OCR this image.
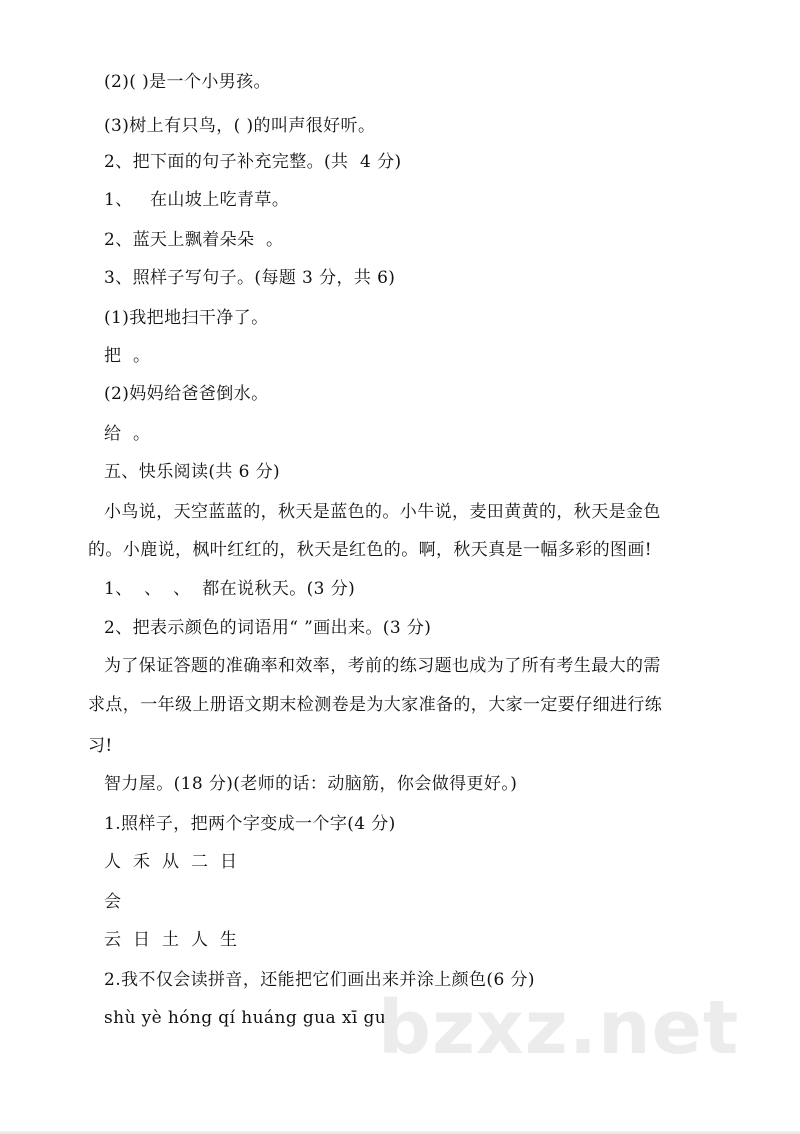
(2)( )是一个小男孩。
(3)树上有只鸟，( )的叫声很好听。
2、把下面的句子补充完整。(共  4 分)
1、   在山坡上吃青草。
2、蓝天上飘着朵朵  。
3、照样子写句子。(每题 3 分，共 6)
(1)我把地扫干净了。
把  。
(2)妈妈给爸爸倒水。
给  。
五、快乐阅读(共 6 分)
小鸟说，天空蓝蓝的，秋天是蓝色的。小牛说，麦田黄黄的，秋天是金色
的。小鹿说，枫叶红红的，秋天是红色的。啊，秋天真是一幅多彩的图画!
1、  、  、  都在说秋天。(3 分)
2、把表示颜色的词语用“ ”画出来。(3 分)
为了保证答题的准确率和效率，考前的练习题也成为了所有考生最大的需
求点，一年级上册语文期末检测卷是为大家准备的，大家一定要仔细进行练
习!
智力屋。(18 分)(老师的话：动脑筋，你会做得更好。)
1.照样子，把两个字变成一个字(4 分)
人  禾  从  二  日
会
云  日  土  人  生
2.我不仅会读拼音，还能把它们画出来并涂上颜色(6 分)
shù yè hóng qí huáng gua xī gua
bzxz.net
